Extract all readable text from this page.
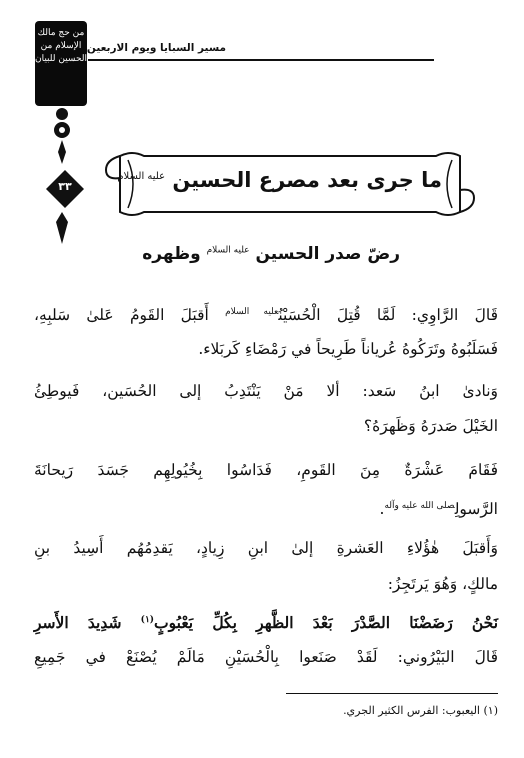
من حج مالك الإسلام من الحسين للبيان
٣٣
مسير السبايا ويوم الاربعين
ما جرى بعد مصرع الحسين $^{عليه السلام}$
رضّ صدر الحسين $^{عليه السلام}$ وظهره
قَالَ الرَّاوِي: لَمَّا قُتِلَ الْحُسَيْنُ$^{عليه السلام}$ أَقبَلَ القَومُ عَلىٰ سَلبِهِ،
فَسَلَبُوهُ وتَرَكُوهُ عُرياناً طَرِيحاً في رَمْضَاءِ كَربَلاء.
وَنادىٰ ابنُ سَعد: ألا مَنْ يَنْتَدِبُ إلى الحُسَين، فَيوطِئُ
الخَيْلَ صَدرَهُ وَظَهرَهُ؟
فَقَامَ عَشْرَةٌ مِنَ القَومِ، فَدَاسُوا بِخُيُولِهِم جَسَدَ رَيحانَةَ
الرَّسولِ$^{صلى الله عليه وآله}$.
وَأَقبَلَ هٰؤُلاءِ العَشرةِ إلىٰ ابنِ زِيادٍ، يَقدِمُهُم أَسِيدُ بنِ
مالكٍ، وَهُوَ يَرتَجِزُ:
نَحْنُ رَضَضْنَا الصَّدْرَ بَعْدَ الظَّهرِ بِكُلِّ يَعْبُوبٍ$^{(١)}$ شَدِيدَ الأَسرِ
قَالَ البَيْرُوني: لَقَدْ صَنَعوا بِالْحُسَيْنِ مَالَمْ يُصْنَعْ في جَمِيعِ
(١) اليعبوب: الفرس الكثير الجري.
